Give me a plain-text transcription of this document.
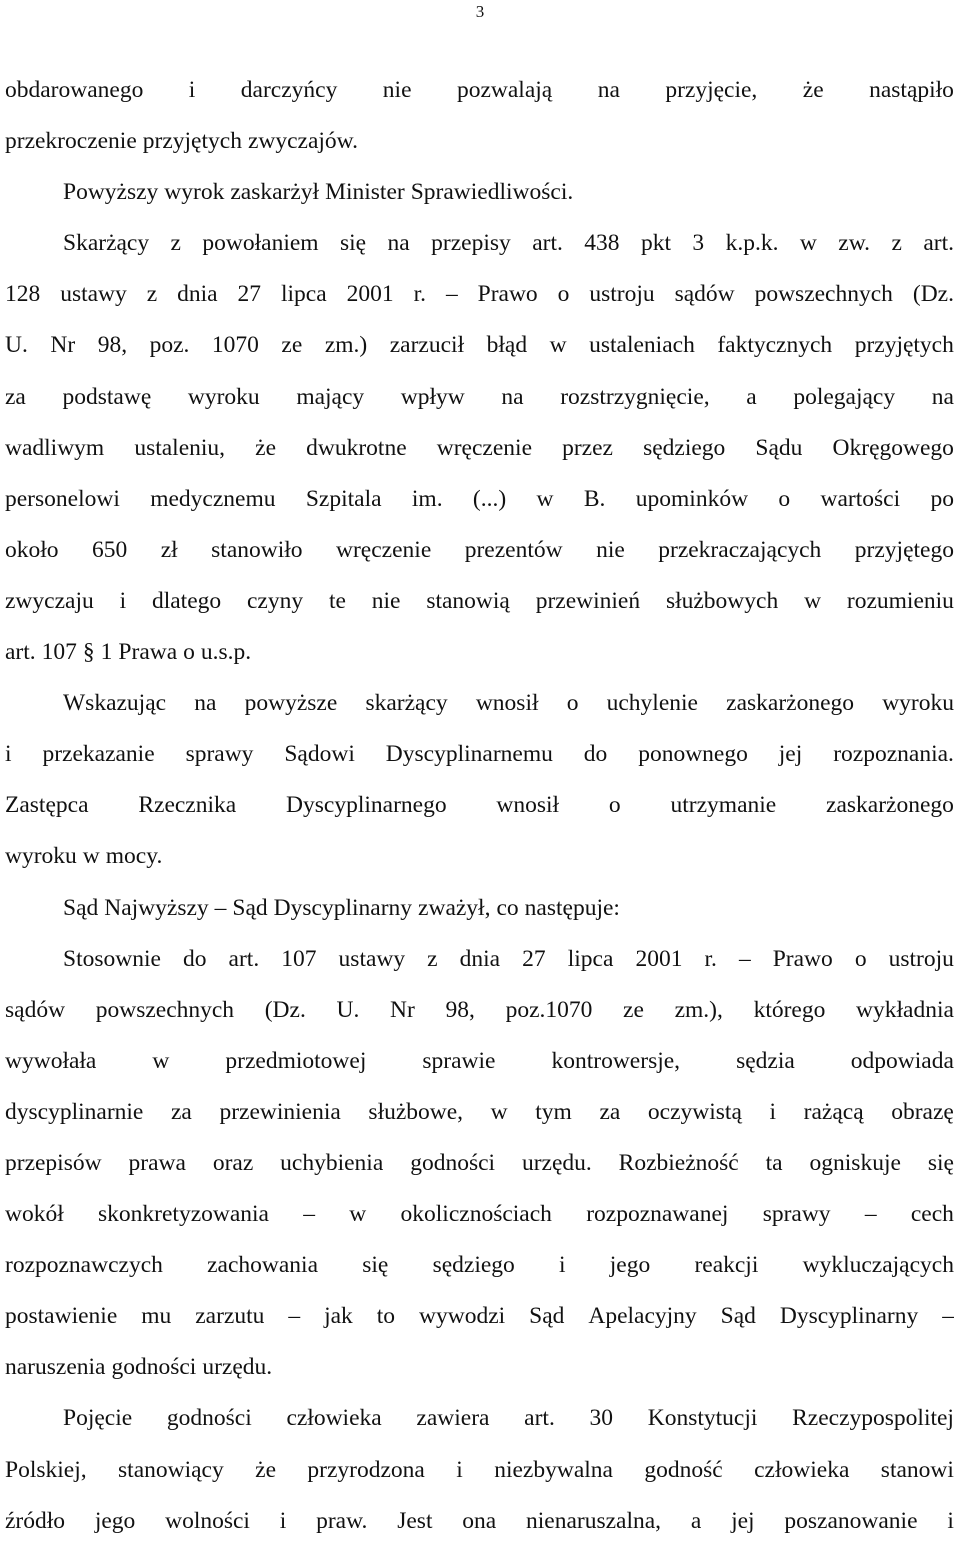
3
obdarowanego i darczyńcy nie pozwalają na przyjęcie, że nastąpiło
przekroczenie przyjętych zwyczajów.
Powyższy wyrok zaskarżył Minister Sprawiedliwości.
Skarżący z powołaniem się na przepisy art. 438 pkt 3 k.p.k. w zw. z art.
128 ustawy z dnia 27 lipca 2001 r. – Prawo o ustroju sądów powszechnych (Dz.
U. Nr 98, poz. 1070 ze zm.) zarzucił błąd w ustaleniach faktycznych przyjętych
za podstawę wyroku mający wpływ na rozstrzygnięcie, a polegający na
wadliwym ustaleniu, że dwukrotne wręczenie przez sędziego Sądu Okręgowego
personelowi medycznemu Szpitala im. (...) w B. upominków o wartości po
około 650 zł stanowiło wręczenie prezentów nie przekraczających przyjętego
zwyczaju i dlatego czyny te nie stanowią przewinień służbowych w rozumieniu
art. 107 § 1 Prawa o u.s.p.
Wskazując na powyższe skarżący wnosił o uchylenie zaskarżonego wyroku
i przekazanie sprawy Sądowi Dyscyplinarnemu do ponownego jej rozpoznania.
Zastępca Rzecznika Dyscyplinarnego wnosił o utrzymanie zaskarżonego
wyroku w mocy.
Sąd Najwyższy – Sąd Dyscyplinarny zważył, co następuje:
Stosownie do art. 107 ustawy z dnia 27 lipca 2001 r. – Prawo o ustroju
sądów powszechnych (Dz. U. Nr 98, poz.1070 ze zm.), którego wykładnia
wywołała w przedmiotowej sprawie kontrowersje, sędzia odpowiada
dyscyplinarnie za przewinienia służbowe, w tym za oczywistą i rażącą obrazę
przepisów prawa oraz uchybienia godności urzędu. Rozbieżność ta ogniskuje się
wokół skonkretyzowania – w okolicznościach rozpoznawanej sprawy – cech
rozpoznawczych zachowania się sędziego i jego reakcji wykluczających
postawienie mu zarzutu – jak to wywodzi Sąd Apelacyjny Sąd Dyscyplinarny –
naruszenia godności urzędu.
Pojęcie godności człowieka zawiera art. 30 Konstytucji Rzeczypospolitej
Polskiej, stanowiący że przyrodzona i niezbywalna godność człowieka stanowi
źródło jego wolności i praw. Jest ona nienaruszalna, a jej poszanowanie i
